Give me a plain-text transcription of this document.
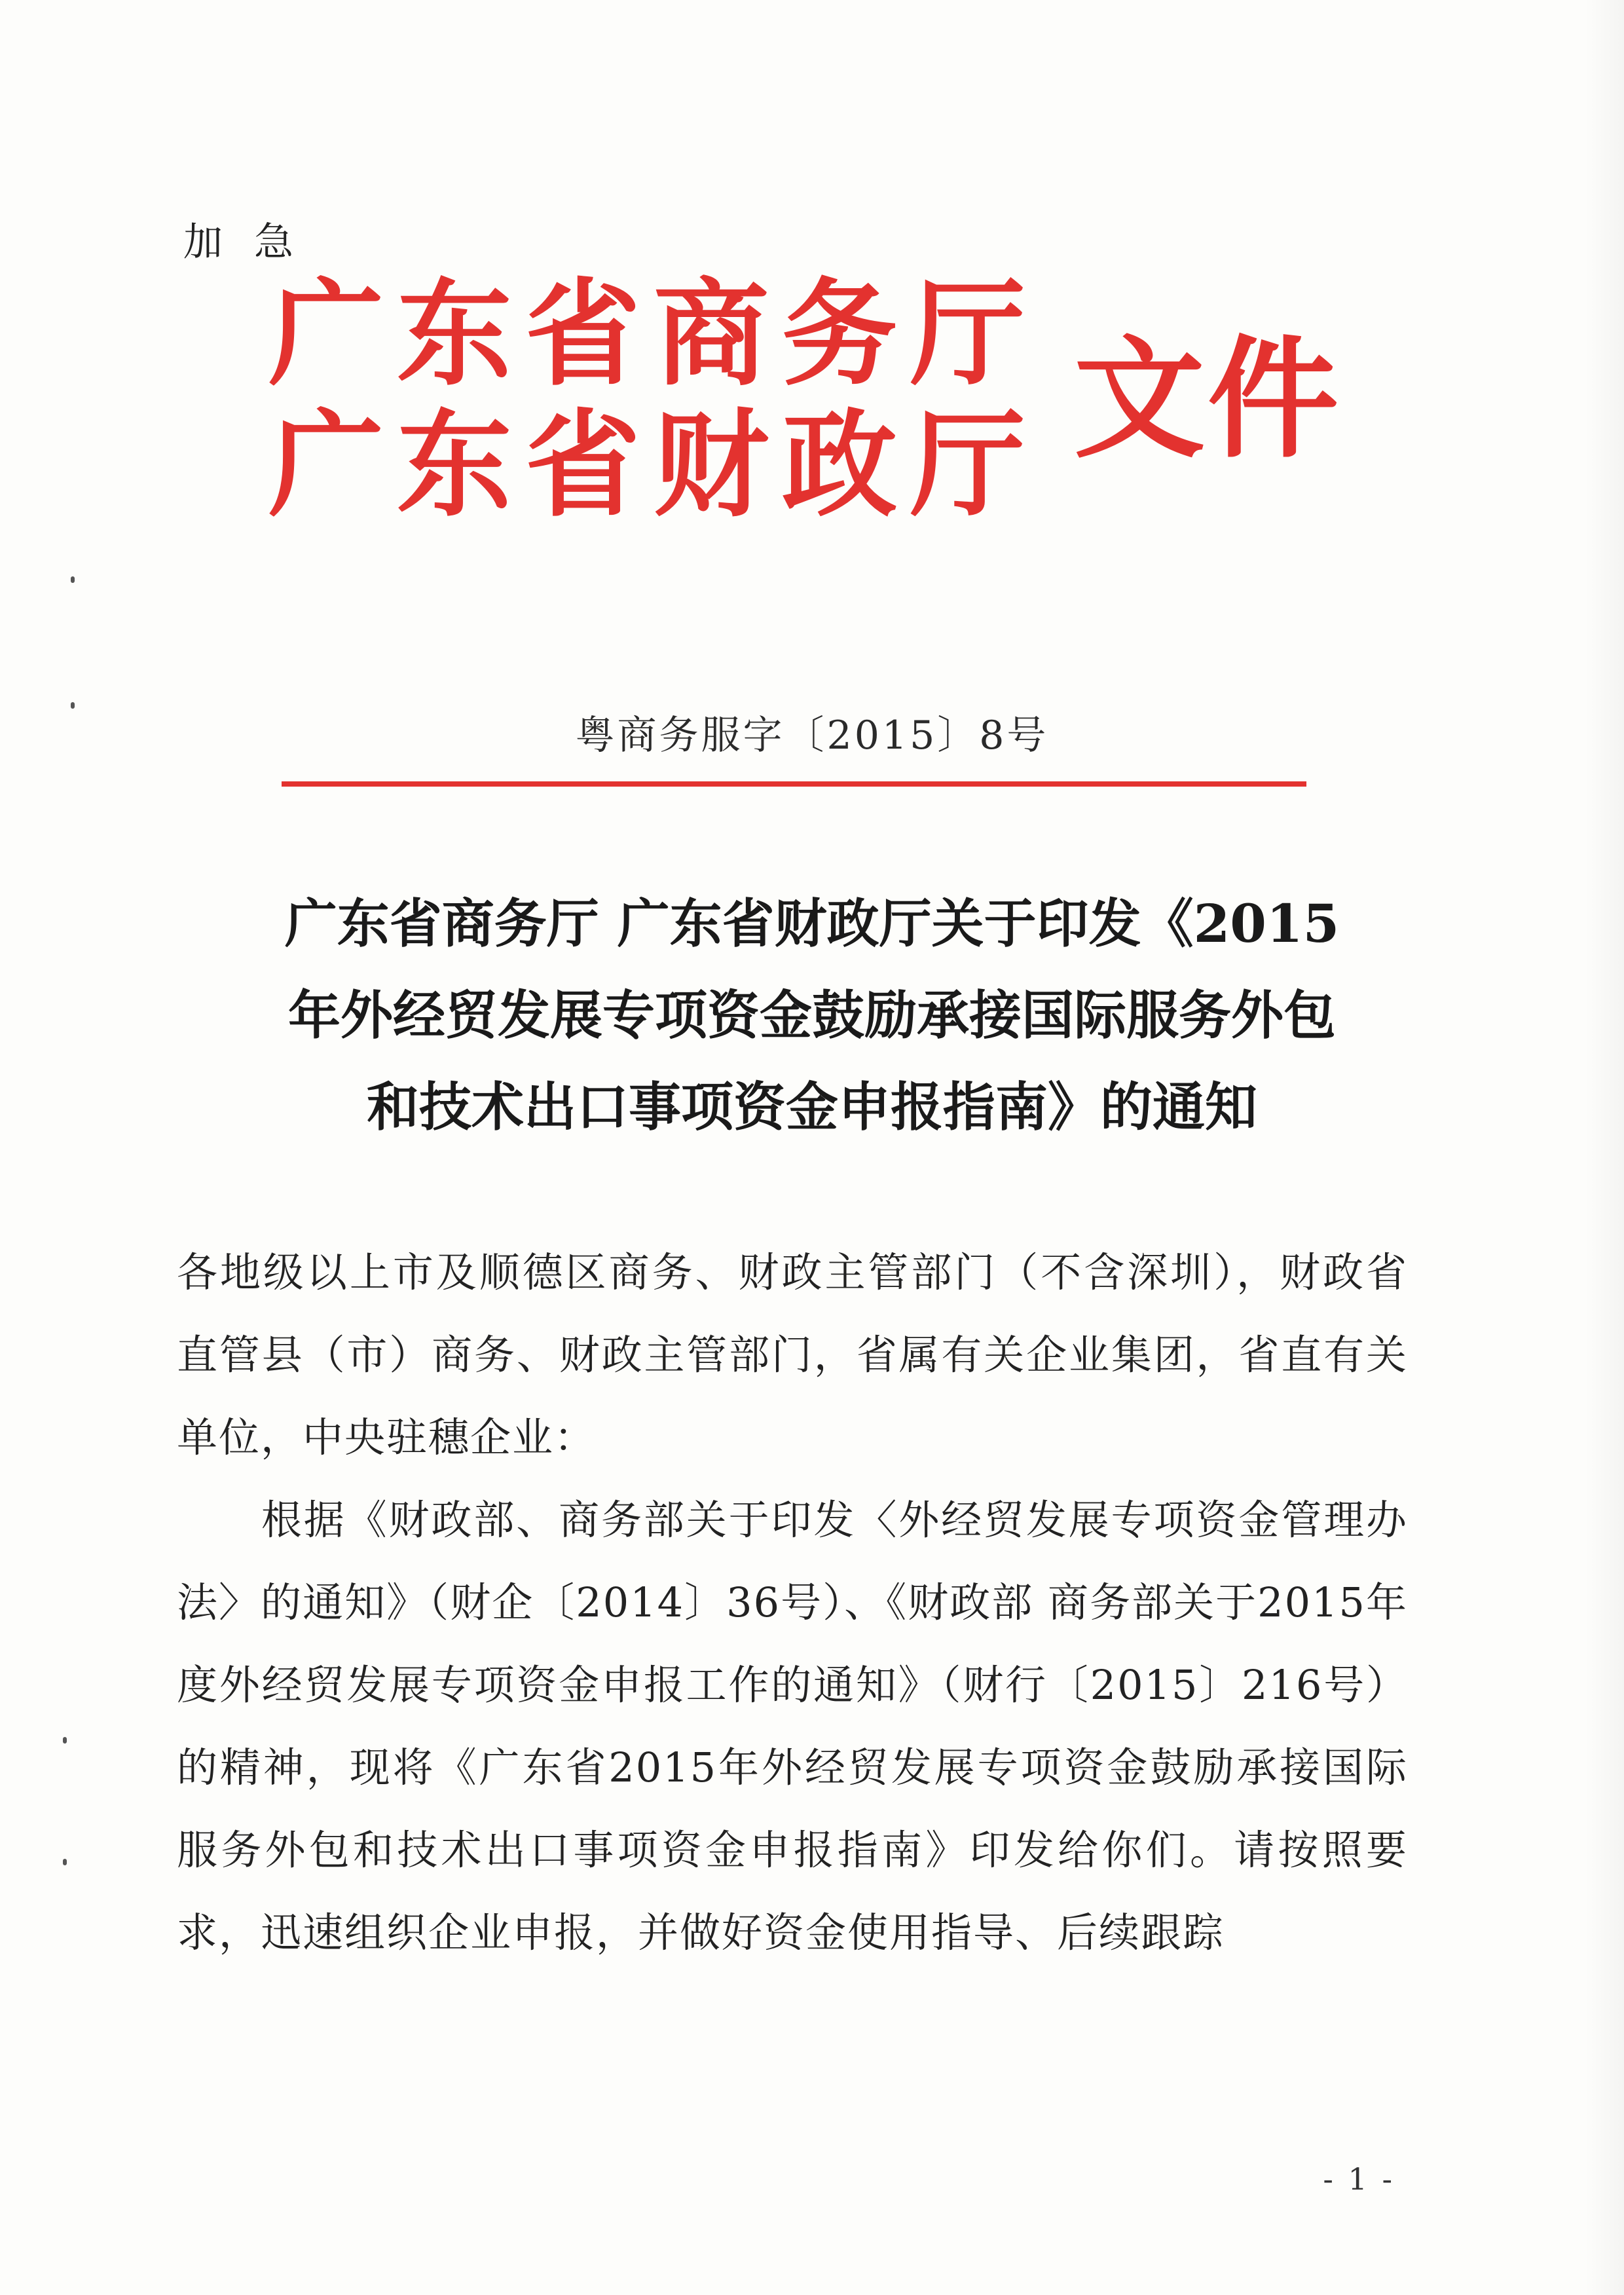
加急
广东省商务厅
广东省财政厅 文件
粤商务服字〔2015〕8号
广东省商务厅 广东省财政厅关于印发《2015
年外经贸发展专项资金鼓励承接国际服务外包
和技术出口事项资金申报指南》的通知
各地级以上市及顺德区商务、财政主管部门（不含深圳），财政省直管县（市）商务、财政主管部门，省属有关企业集团，省直有关单位，中央驻穗企业：
根据《财政部、商务部关于印发〈外经贸发展专项资金管理办法〉的通知》（财企〔2014〕36号）、《财政部 商务部关于2015年度外经贸发展专项资金申报工作的通知》（财行〔2015〕216号）的精神，现将《广东省2015年外经贸发展专项资金鼓励承接国际服务外包和技术出口事项资金申报指南》印发给你们。请按照要求，迅速组织企业申报，并做好资金使用指导、后续跟踪
- 1 -
